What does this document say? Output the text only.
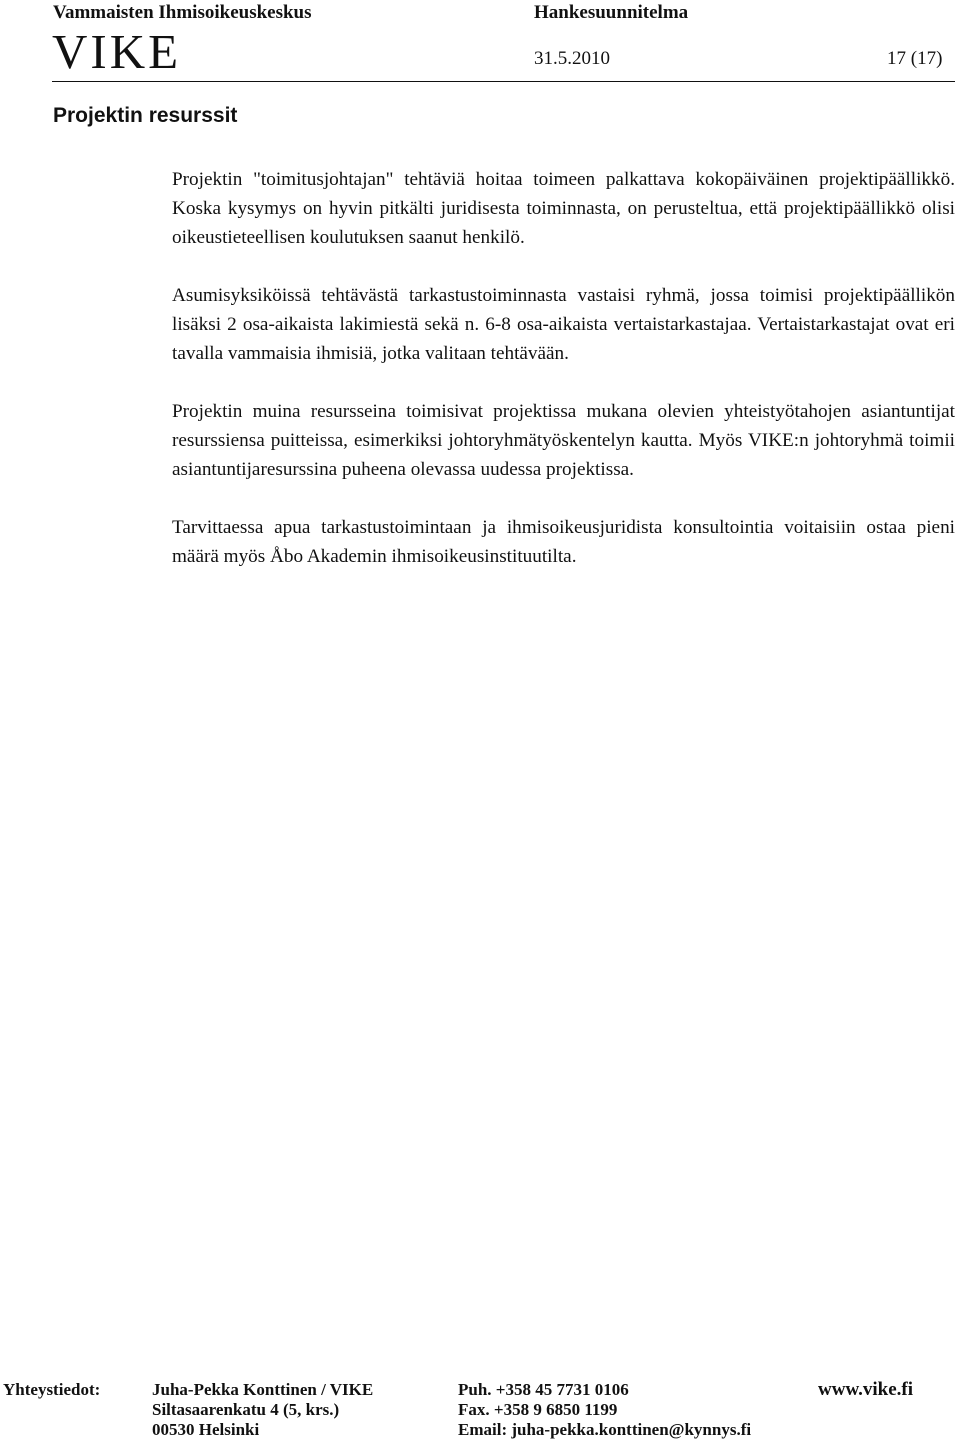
Vammaisten Ihmisoikeuskeskus	Hankesuunnitelma
VIKE	31.5.2010	17 (17)
Projektin resurssit

Projektin "toimitusjohtajan" tehtäviä hoitaa toimeen palkattava kokopäiväinen projektipäällikkö. Koska kysymys on hyvin pitkälti juridisesta toiminnasta, on perusteltua, että projektipäällikkö olisi oikeustieteellisen koulutuksen saanut henkilö.

Asumisyksiköissä tehtävästä tarkastustoiminnasta vastaisi ryhmä, jossa toimisi projektipäällikön lisäksi 2 osa-aikaista lakimiestä sekä n. 6-8 osa-aikaista vertaistarkastajaa. Vertaistarkastajat ovat eri tavalla vammaisia ihmisiä, jotka valitaan tehtävään.

Projektin muina resursseina toimisivat projektissa mukana olevien yhteistyötahojen asiantuntijat resurssiensa puitteissa, esimerkiksi johtoryhmätyöskentelyn kautta. Myös VIKE:n johtoryhmä toimii asiantuntijaresurssina puheena olevassa uudessa projektissa.

Tarvittaessa apua tarkastustoimintaan ja ihmisoikeusjuridista konsultointia voitaisiin ostaa pieni määrä myös Åbo Akademin ihmisoikeusinstituutilta.

Yhteystiedot:	Juha-Pekka Konttinen / VIKE
Siltasaarenkatu 4 (5, krs.)
00530 Helsinki
Puh. +358 45 7731 0106
Fax. +358 9 6850 1199
Email: juha-pekka.konttinen@kynnys.fi
www.vike.fi
